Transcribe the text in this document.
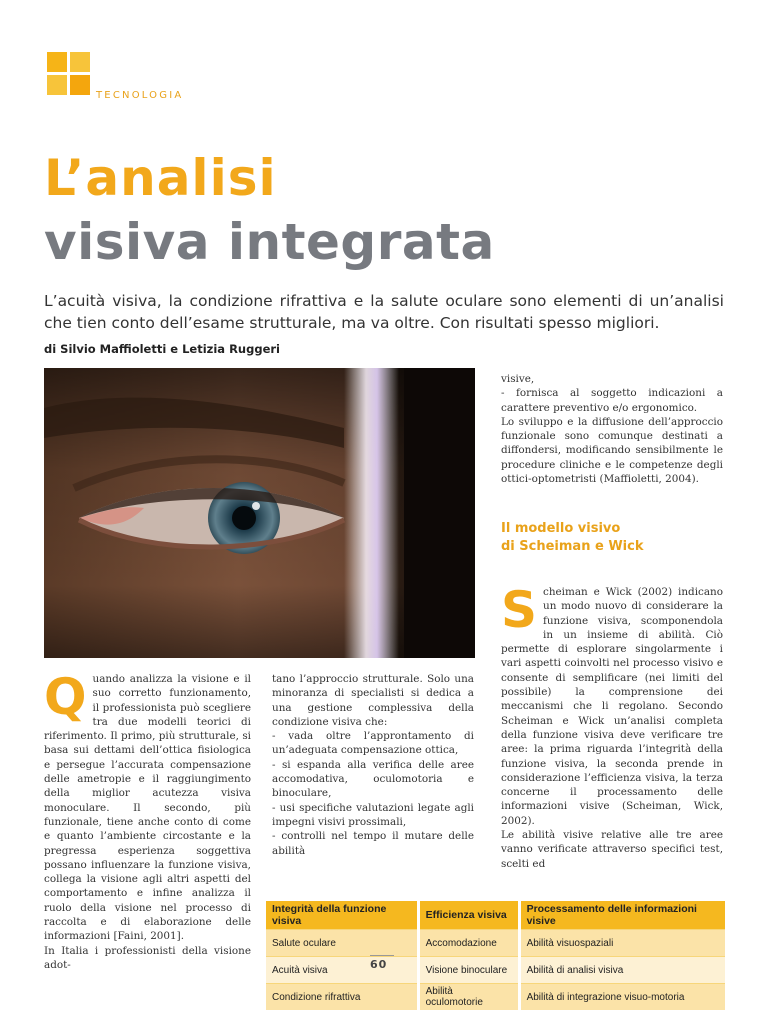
TECNOLOGIA
L’analisi
visiva integrata

L’acuità visiva, la condizione rifrattiva e la salute oculare sono elementi di un’analisi che tien conto dell’esame strutturale, ma va oltre. Con risultati spesso migliori.

di Silvio Maffioletti e Letizia Ruggeri

Quando analizza la visione e il suo corretto funzionamento, il professionista può scegliere tra due modelli teorici di riferimento. Il primo, più strutturale, si basa sui dettami dell’ottica fisiologica e persegue l’accurata compensazione delle ametropie e il raggiungimento della miglior acutezza visiva monoculare. Il secondo, più funzionale, tiene anche conto di come e quanto l’ambiente circostante e la pregressa esperienza soggettiva possano influenzare la funzione visiva, collega la visione agli altri aspetti del comportamento e infine analizza il ruolo della visione nel processo di raccolta e di elaborazione delle informazioni [Faini, 2001].

In Italia i professionisti della visione adot-

tano l’approccio strutturale. Solo una minoranza di specialisti si dedica a una gestione complessiva della condizione visiva che:

- vada oltre l’approntamento di un’adeguata compensazione ottica,

- si espanda alla verifica delle aree accomodativa, oculomotoria e binoculare,

- usi specifiche valutazioni legate agli impegni visivi prossimali,

- controlli nel tempo il mutare delle abilità

visive,

- fornisca al soggetto indicazioni a carattere preventivo e/o ergonomico.

Lo sviluppo e la diffusione dell’approccio funzionale sono comunque destinati a diffondersi, modificando sensibilmente le procedure cliniche e le competenze degli ottici-optometristi (Maffioletti, 2004).

Il modello visivo
di Scheiman e Wick

Scheiman e Wick (2002) indicano un modo nuovo di considerare la funzione visiva, scomponendola in un insieme di abilità. Ciò permette di esplorare singolarmente i vari aspetti coinvolti nel processo visivo e consente di semplificare (nei limiti del possibile) la comprensione dei meccanismi che li regolano. Secondo Scheiman e Wick un’analisi completa della funzione visiva deve verificare tre aree: la prima riguarda l’integrità della funzione visiva, la seconda prende in considerazione l’efficienza visiva, la terza concerne il processamento delle informazioni visive (Scheiman, Wick, 2002).

Le abilità visive relative alle tre aree vanno verificate attraverso specifici test, scelti ed

Integrità della funzione visiva	Efficienza visiva	Processamento delle informazioni visive
Salute oculare	Accomodazione	Abilità visuospaziali
Acuità visiva	Visione binoculare	Abilità di analisi visiva
Condizione rifrattiva	Abilità oculomotorie	Abilità di integrazione visuo-motoria
60
